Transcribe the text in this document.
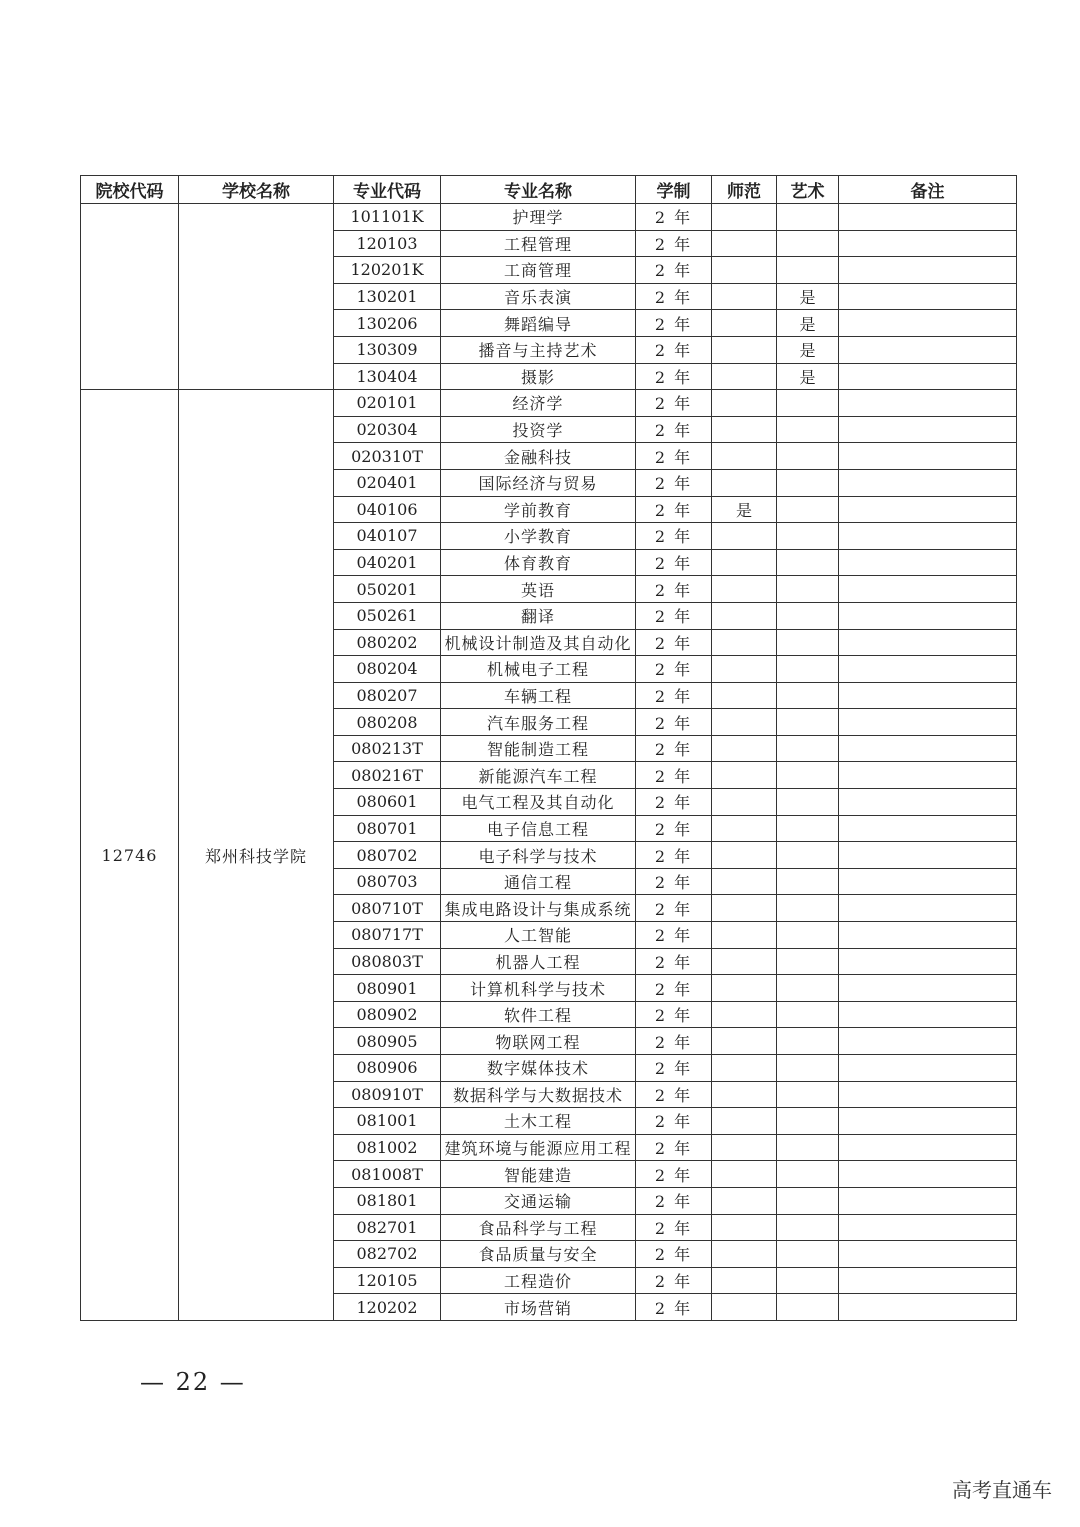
院校代码	学校名称	专业代码	专业名称	学制	师范	艺术	备注
		101101K	护理学	2 年			
		120103	工程管理	2 年			
		120201K	工商管理	2 年			
		130201	音乐表演	2 年		是	
		130206	舞蹈编导	2 年		是	
		130309	播音与主持艺术	2 年		是	
		130404	摄影	2 年		是	
12746	郑州科技学院	020101	经济学	2 年			
		020304	投资学	2 年			
		020310T	金融科技	2 年			
		020401	国际经济与贸易	2 年			
		040106	学前教育	2 年	是		
		040107	小学教育	2 年			
		040201	体育教育	2 年			
		050201	英语	2 年			
		050261	翻译	2 年			
		080202	机械设计制造及其自动化	2 年			
		080204	机械电子工程	2 年			
		080207	车辆工程	2 年			
		080208	汽车服务工程	2 年			
		080213T	智能制造工程	2 年			
		080216T	新能源汽车工程	2 年			
		080601	电气工程及其自动化	2 年			
		080701	电子信息工程	2 年			
		080702	电子科学与技术	2 年			
		080703	通信工程	2 年			
		080710T	集成电路设计与集成系统	2 年			
		080717T	人工智能	2 年			
		080803T	机器人工程	2 年			
		080901	计算机科学与技术	2 年			
		080902	软件工程	2 年			
		080905	物联网工程	2 年			
		080906	数字媒体技术	2 年			
		080910T	数据科学与大数据技术	2 年			
		081001	土木工程	2 年			
		081002	建筑环境与能源应用工程	2 年			
		081008T	智能建造	2 年			
		081801	交通运输	2 年			
		082701	食品科学与工程	2 年			
		082702	食品质量与安全	2 年			
		120105	工程造价	2 年			
		120202	市场营销	2 年			
— 22 —
高考直通车
